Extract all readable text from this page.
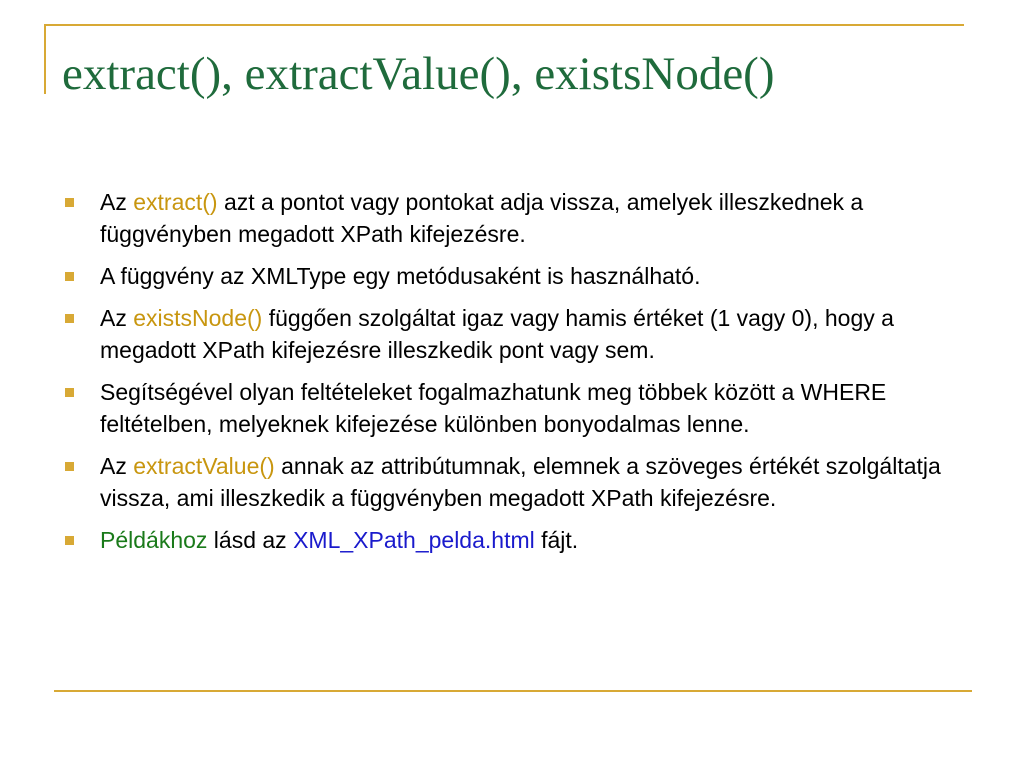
extract(), extractValue(), existsNode()
Az extract() azt a pontot vagy pontokat adja vissza, amelyek illeszkednek a függvényben megadott XPath kifejezésre.
A függvény az XMLType egy metódusaként is használható.
Az existsNode() függően szolgáltat igaz vagy hamis értéket (1 vagy 0), hogy a megadott XPath kifejezésre illeszkedik pont vagy sem.
Segítségével olyan feltételeket fogalmazhatunk meg többek között a WHERE feltételben, melyeknek kifejezése különben bonyodalmas lenne.
Az extractValue() annak az attribútumnak, elemnek a szöveges értékét szolgáltatja vissza, ami illeszkedik a függvényben megadott XPath kifejezésre.
Példákhoz lásd az XML_XPath_pelda.html fájt.
